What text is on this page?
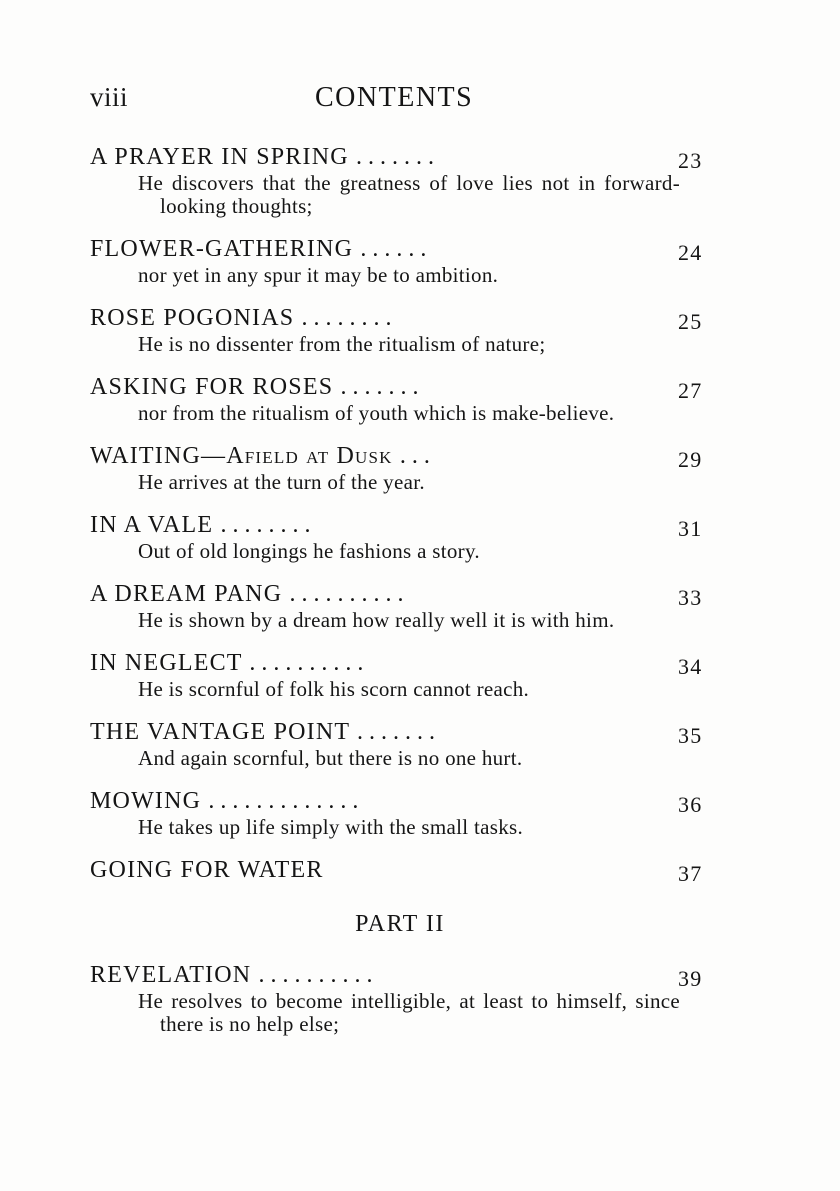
viii	CONTENTS
A PRAYER IN SPRING . . . . . . .	23
He discovers that the greatness of love lies not in forward-looking thoughts;
FLOWER-GATHERING . . . . . .	24
nor yet in any spur it may be to ambition.
ROSE POGONIAS . . . . . . . .	25
He is no dissenter from the ritualism of nature;
ASKING FOR ROSES . . . . . . .	27
nor from the ritualism of youth which is make-believe.
WAITING—Afield at Dusk . . .	29
He arrives at the turn of the year.
IN A VALE . . . . . . . .	31
Out of old longings he fashions a story.
A DREAM PANG . . . . . . . . . .	33
He is shown by a dream how really well it is with him.
IN NEGLECT . . . . . . . . . .	34
He is scornful of folk his scorn cannot reach.
THE VANTAGE POINT . . . . . . .	35
And again scornful, but there is no one hurt.
MOWING . . . . . . . . . . . . .	36
He takes up life simply with the small tasks.
GOING FOR WATER	37
PART II
REVELATION . . . . . . . . . .	39
He resolves to become intelligible, at least to himself, since there is no help else;
